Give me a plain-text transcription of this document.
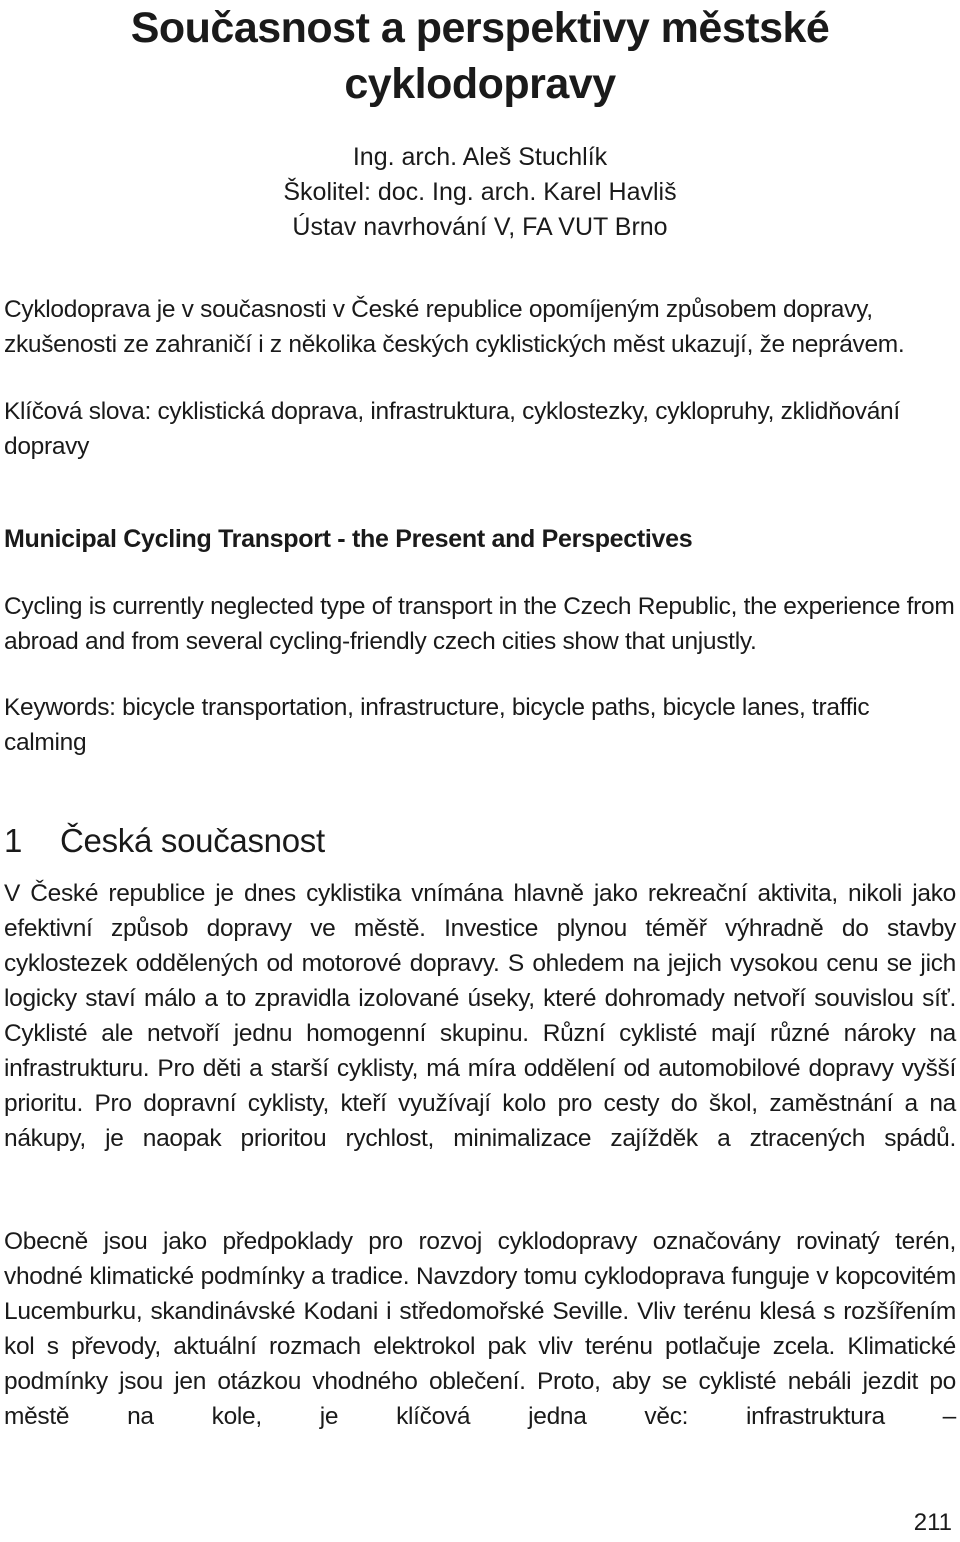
Současnost a perspektivy městské cyklodopravy
Ing. arch. Aleš Stuchlík
Školitel: doc. Ing. arch. Karel Havliš
Ústav navrhování V, FA VUT Brno

Cyklodoprava je v současnosti v České republice opomíjeným způsobem dopravy, zkušenosti ze zahraničí i z několika českých cyklistických měst ukazují, že neprávem.

Klíčová slova: cyklistická doprava, infrastruktura, cyklostezky, cyklopruhy, zklidňování dopravy

Municipal Cycling Transport - the Present and Perspectives

Cycling is currently neglected type of transport in the Czech Republic, the experience from abroad and from several cycling-friendly czech cities show that unjustly.

Keywords: bicycle transportation, infrastructure, bicycle paths, bicycle lanes, traffic calming

1 Česká současnost

V České republice je dnes cyklistika vnímána hlavně jako rekreační aktivita, nikoli jako efektivní způsob dopravy ve městě. Investice plynou téměř výhradně do stavby cyklostezek oddělených od motorové dopravy. S ohledem na jejich vysokou cenu se jich logicky staví málo a to zpravidla izolované úseky, které dohromady netvoří souvislou síť. Cyklisté ale netvoří jednu homogenní skupinu. Různí cyklisté mají různé nároky na infrastrukturu. Pro děti a starší cyklisty, má míra oddělení od automobilové dopravy vyšší prioritu. Pro dopravní cyklisty, kteří využívají kolo pro cesty do škol, zaměstnání a na nákupy, je naopak prioritou rychlost, minimalizace zajížděk a ztracených spádů.

Obecně jsou jako předpoklady pro rozvoj cyklodopravy označovány rovinatý terén, vhodné klimatické podmínky a tradice. Navzdory tomu cyklodoprava funguje v kopcovitém Lucemburku, skandinávské Kodani i středomořské Seville. Vliv terénu klesá s rozšířením kol s převody, aktuální rozmach elektrokol pak vliv terénu potlačuje zcela. Klimatické podmínky jsou jen otázkou vhodného oblečení. Proto, aby se cyklisté nebáli jezdit po městě na kole, je klíčová jedna věc: infrastruktura –

211
